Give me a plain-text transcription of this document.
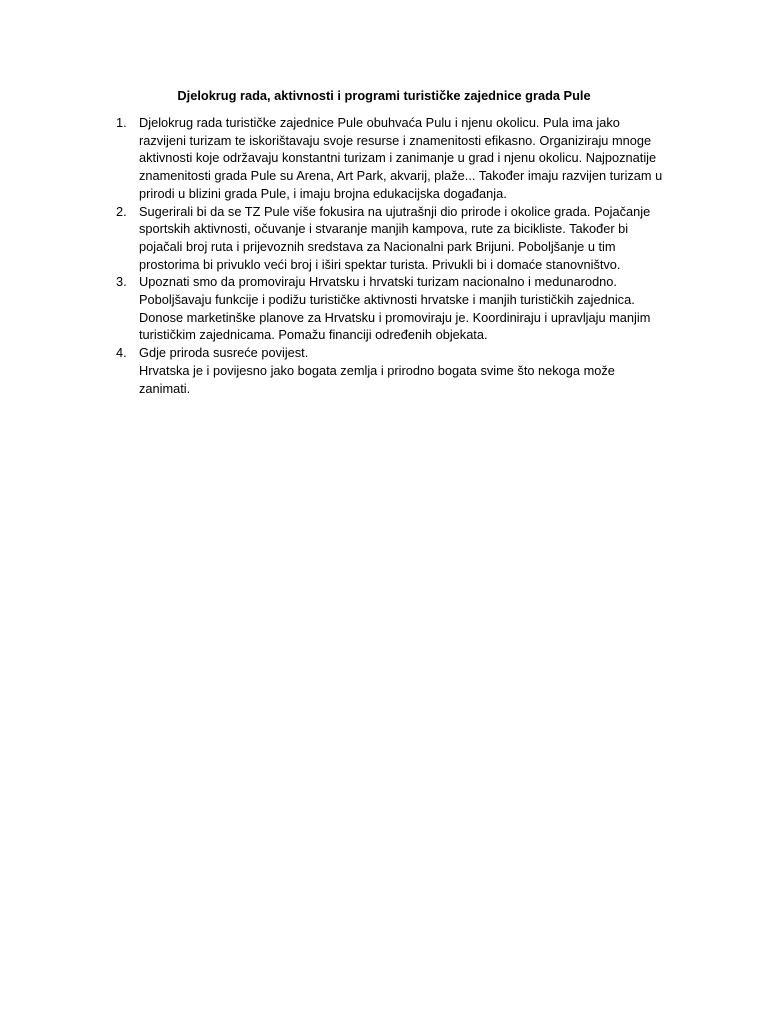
Djelokrug rada, aktivnosti i programi turističke zajednice grada Pule
1. Djelokrug rada turističke zajednice Pule obuhvaća Pulu i njenu okolicu. Pula ima jako
razvijeni turizam te iskorištavaju svoje resurse i znamenitosti efikasno. Organiziraju mnoge
aktivnosti koje održavaju konstantni turizam i zanimanje u grad i njenu okolicu. Najpoznatije
znamenitosti grada Pule su Arena, Art Park, akvarij, plaže... Također imaju razvijen turizam u
prirodi u blizini grada Pule, i imaju brojna edukacijska događanja.
2. Sugerirali bi da se TZ Pule više fokusira na ujutrašnji dio prirode i okolice grada. Pojačanje
sportskih aktivnosti, očuvanje i stvaranje manjih kampova, rute za bicikliste. Također bi
pojačali broj ruta i prijevoznih sredstava za Nacionalni park Brijuni. Poboljšanje u tim
prostorima bi privuklo veći broj i iširi spektar turista. Privukli bi i domaće stanovništvo.
3. Upoznati smo da promoviraju Hrvatsku i hrvatski turizam nacionalno i medunarodno.
Poboljšavaju funkcije i podižu turističke aktivnosti hrvatske i manjih turističkih zajednica.
Donose marketinške planove za Hrvatsku i promoviraju je. Koordiniraju i upravljaju manjim
turističkim zajednicama. Pomažu financiji određenih objekata.
4. Gdje priroda susreće povijest.
Hrvatska je i povijesno jako bogata zemlja i prirodno bogata svime što nekoga može
zanimati.
